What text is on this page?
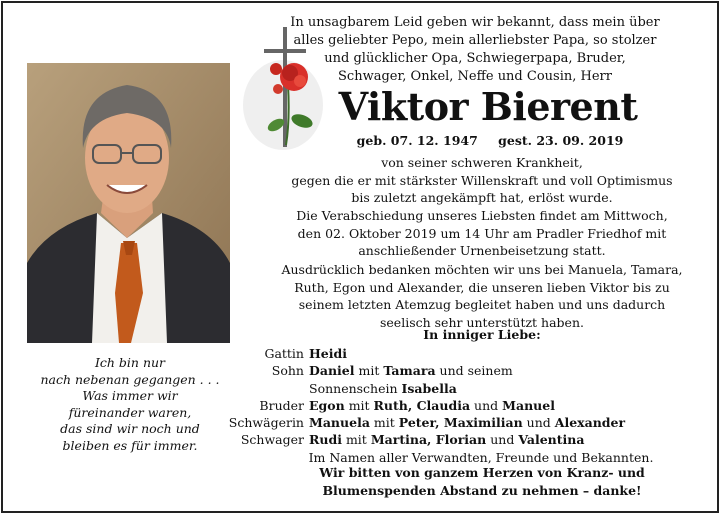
Ich bin nur
nach nebenan gegangen . . .
Was immer wir
füreinander waren,
das sind wir noch und
bleiben es für immer.
In unsagbarem Leid geben wir bekannt, dass mein über
alles geliebter Pepo, mein allerliebster Papa, so stolzer
und glücklicher Opa, Schwiegerpapa, Bruder,
Schwager, Onkel, Neffe und Cousin, Herr
Viktor Bierent
geb. 07. 12. 1947 gest. 23. 09. 2019
von seiner schweren Krankheit,
gegen die er mit stärkster Willenskraft und voll Optimismus
bis zuletzt angekämpft hat, erlöst wurde.
Die Verabschiedung unseres Liebsten findet am Mittwoch,
den 02. Oktober 2019 um 14 Uhr am Pradler Friedhof mit
anschließender Urnenbeisetzung statt.
Ausdrücklich bedanken möchten wir uns bei Manuela, Tamara,
Ruth, Egon und Alexander, die unseren lieben Viktor bis zu
seinem letzten Atemzug begleitet haben und uns dadurch
seelisch sehr unterstützt haben.
In inniger Liebe:
Gattin Heidi
Sohn Daniel mit Tamara und seinem
Sonnenschein Isabella
Bruder Egon mit Ruth, Claudia und Manuel
Schwägerin Manuela mit Peter, Maximilian und Alexander
Schwager Rudi mit Martina, Florian und Valentina
Im Namen aller Verwandten, Freunde und Bekannten.
Wir bitten von ganzem Herzen von Kranz- und
Blumenspenden Abstand zu nehmen – danke!
